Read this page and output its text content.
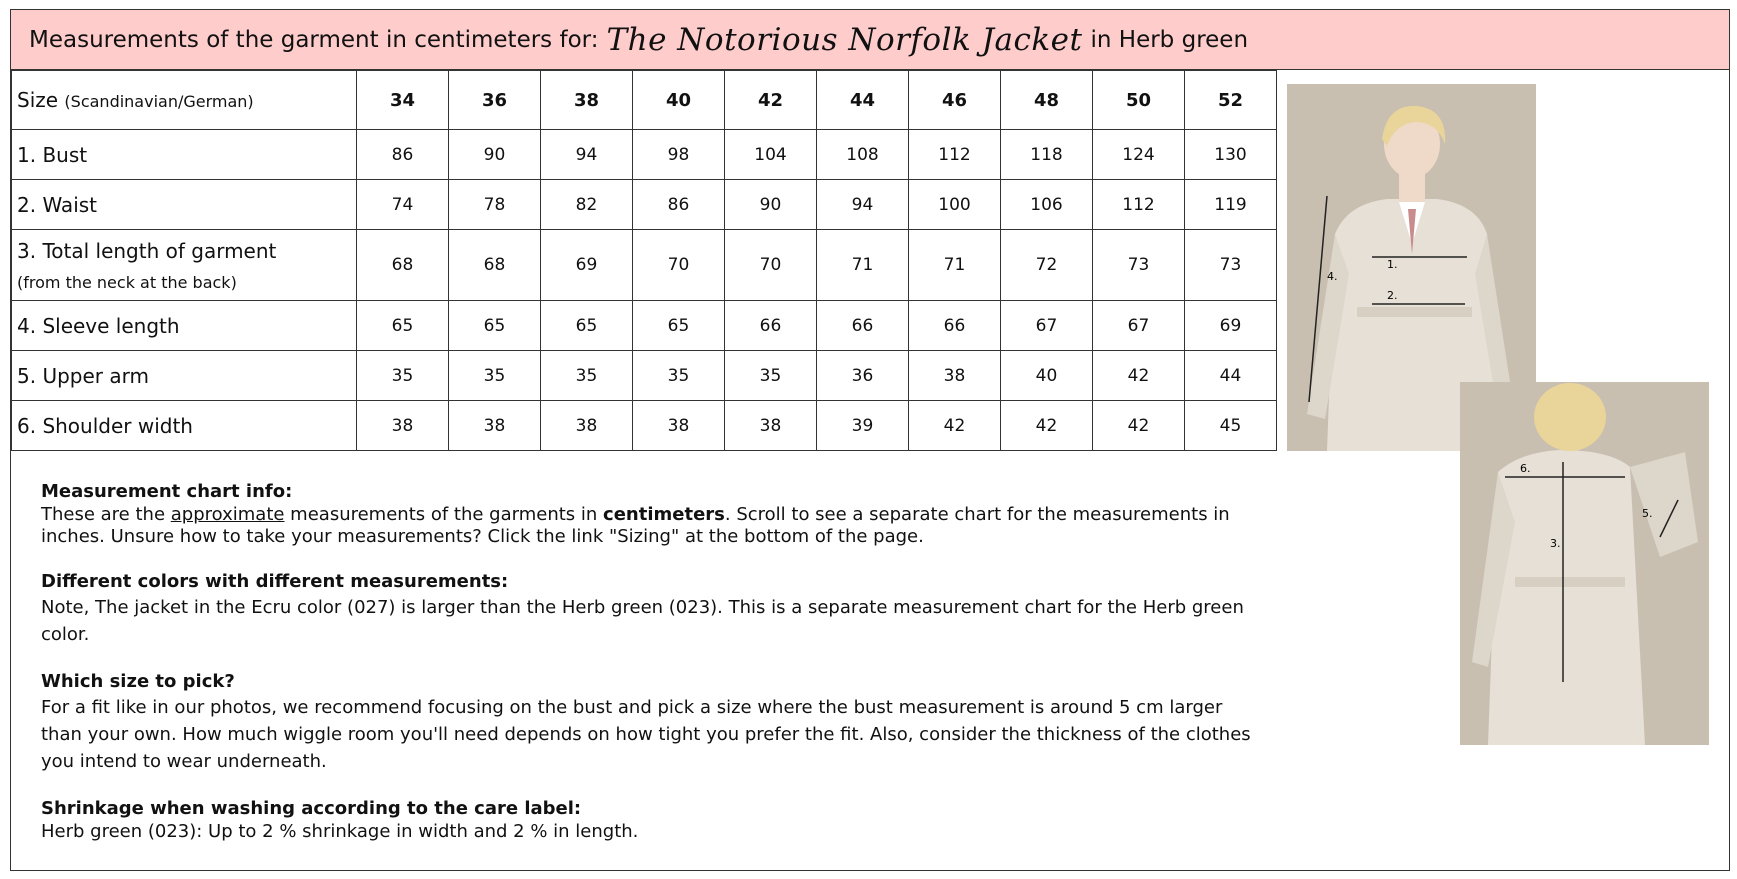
Measurements of the garment in centimeters for: The Notorious Norfolk Jacket in Herb green
Size (Scandinavian/German)	34	36	38	40	42	44	46	48	50	52
1. Bust	86	90	94	98	104	108	112	118	124	130
2. Waist	74	78	82	86	90	94	100	106	112	119
3. Total length of garment
(from the neck at the back)	68	68	69	70	70	71	71	72	73	73
4. Sleeve length	65	65	65	65	66	66	66	67	67	69
5. Upper arm	35	35	35	35	35	36	38	40	42	44
6. Shoulder width	38	38	38	38	38	39	42	42	42	45
1.
2.
4.
6.
3.
5.
Measurement chart info:

These are the approximate measurements of the garments in centimeters. Scroll to see a separate chart for the measurements in inches. Unsure how to take your measurements? Click the link "Sizing" at the bottom of the page.

Different colors with different measurements:

Note, The jacket in the Ecru color (027) is larger than the Herb green (023). This is a separate measurement chart for the Herb green color.

Which size to pick?

For a fit like in our photos, we recommend focusing on the bust and pick a size where the bust measurement is around 5 cm larger than your own. How much wiggle room you'll need depends on how tight you prefer the fit. Also, consider the thickness of the clothes you intend to wear underneath.

Shrinkage when washing according to the care label:

Herb green (023): Up to 2 % shrinkage in width and 2 % in length.
